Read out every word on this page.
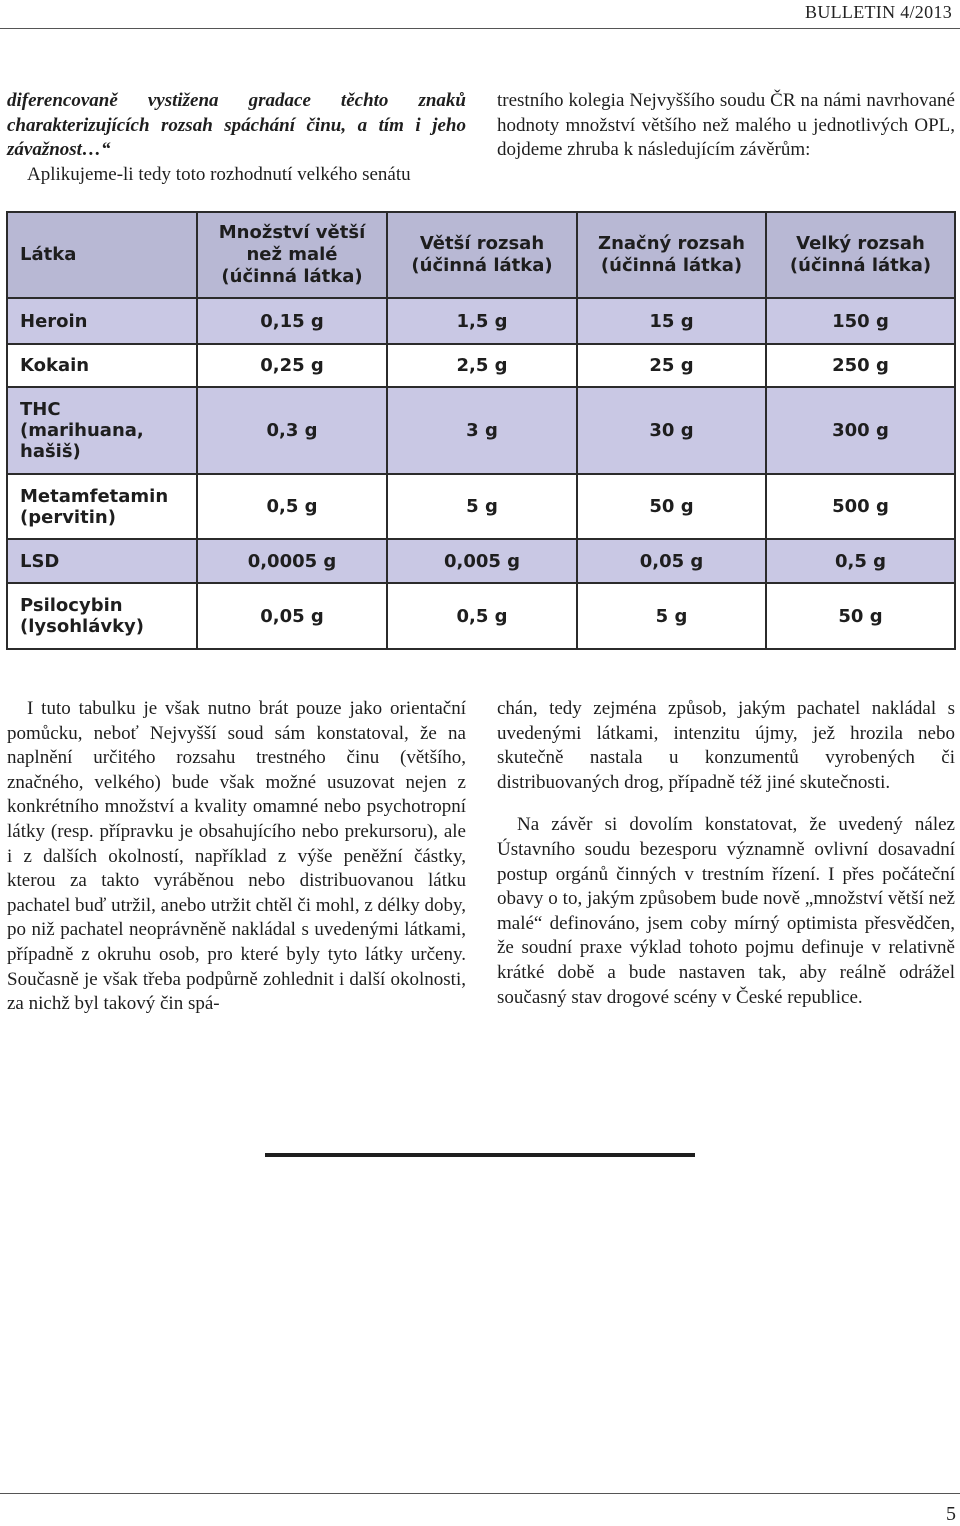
BULLETIN 4/2013

diferencovaně vystižena gradace těchto znaků charakterizujících rozsah spáchání činu, a tím i jeho závažnost…“

Aplikujeme-li tedy toto rozhodnutí velkého senátu

trestního kolegia Nejvyššího soudu ČR na námi navrhované hodnoty množství většího než malého u jednotlivých OPL, dojdeme zhruba k následujícím závěrům:

Látka	Množství větší než malé (účinná látka)	Větší rozsah (účinná látka)	Značný rozsah (účinná látka)	Velký rozsah (účinná látka)
Heroin	0,15 g	1,5 g	15 g	150 g
Kokain	0,25 g	2,5 g	25 g	250 g
THC (marihuana, hašiš)	0,3 g	3 g	30 g	300 g
Metamfetamin (pervitin)	0,5 g	5 g	50 g	500 g
LSD	0,0005 g	0,005 g	0,05 g	0,5 g
Psilocybin (lysohlávky)	0,05 g	0,5 g	5 g	50 g

I tuto tabulku je však nutno brát pouze jako orientační pomůcku, neboť Nejvyšší soud sám konstatoval, že na naplnění určitého rozsahu trestného činu (většího, značného, velkého) bude však možné usuzovat nejen z konkrétního množství a kvality omamné nebo psychotropní látky (resp. přípravku je obsahujícího nebo prekursoru), ale i z dalších okolností, například z výše peněžní částky, kterou za takto vyráběnou nebo distribuovanou látku pachatel buď utržil, anebo utržit chtěl či mohl, z délky doby, po niž pachatel neoprávněně nakládal s uvedenými látkami, případně z okruhu osob, pro které byly tyto látky určeny. Současně je však třeba podpůrně zohlednit i další okolnosti, za nichž byl takový čin spá-

chán, tedy zejména způsob, jakým pachatel nakládal s uvedenými látkami, intenzitu újmy, jež hrozila nebo skutečně nastala u konzumentů vyrobených či distribuovaných drog, případně též jiné skutečnosti.

Na závěr si dovolím konstatovat, že uvedený nález Ústavního soudu bezesporu významně ovlivní dosavadní postup orgánů činných v trestním řízení. I přes počáteční obavy o to, jakým způsobem bude nově „množství větší než malé“ definováno, jsem coby mírný optimista přesvědčen, že soudní praxe výklad tohoto pojmu definuje v relativně krátké době a bude nastaven tak, aby reálně odrážel současný stav drogové scény v České republice.

5
